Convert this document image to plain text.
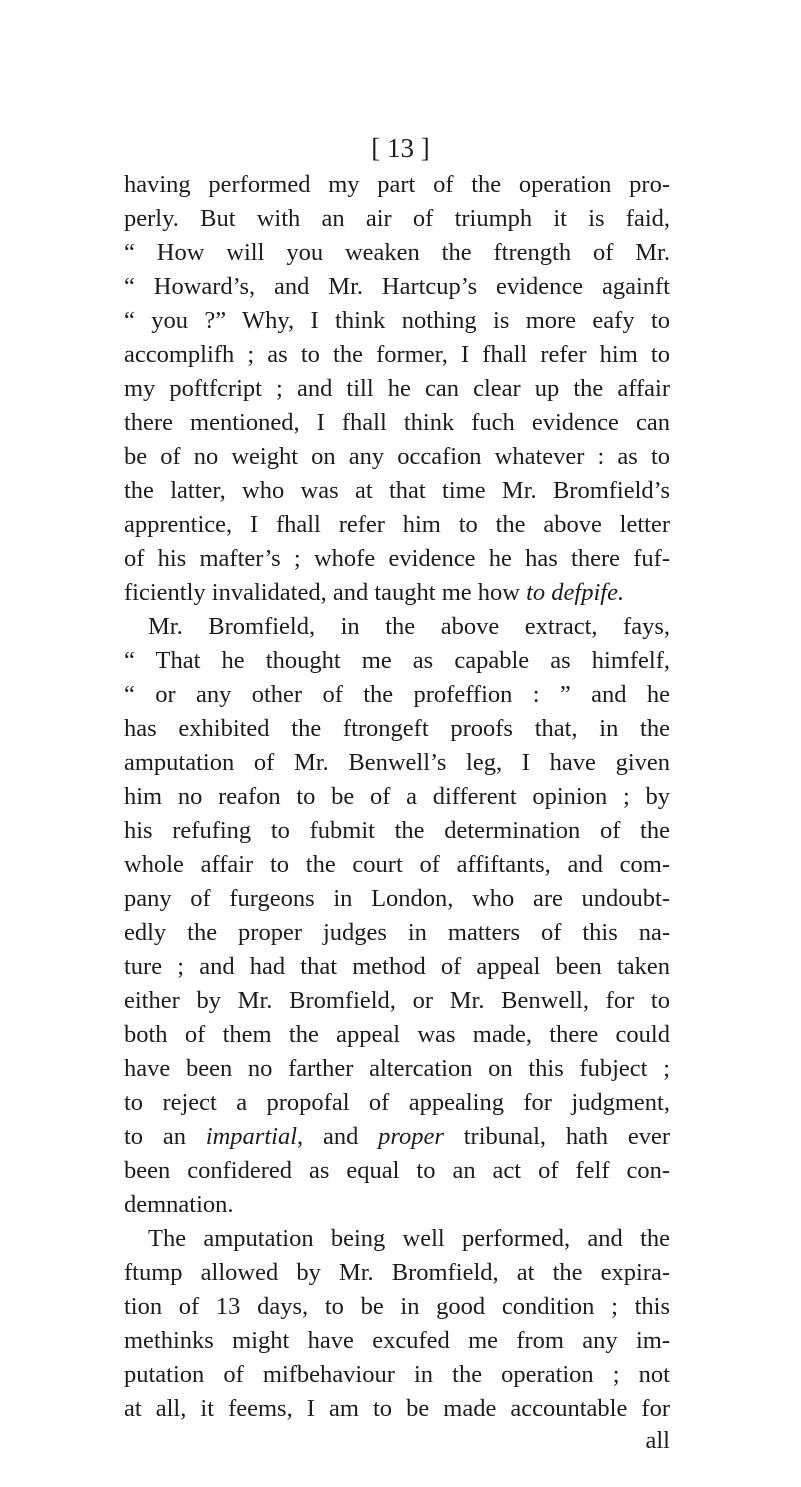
[ 13 ]
having performed my part of the operation pro-
perly. But with an air of triumph it is faid,
“ How will you weaken the ftrength of Mr.
“ Howard’s, and Mr. Hartcup’s evidence againft
“ you ?” Why, I think nothing is more eafy to
accomplifh ; as to the former, I fhall refer him to
my poftfcript ; and till he can clear up the affair
there mentioned, I fhall think fuch evidence can
be of no weight on any occafion whatever : as to
the latter, who was at that time Mr. Bromfield’s
apprentice, I fhall refer him to the above letter
of his mafter’s ; whofe evidence he has there fuf-
ficiently invalidated, and taught me how to defpife.
Mr. Bromfield, in the above extract, fays,
“ That he thought me as capable as himfelf,
“ or any other of the profeffion : ” and he
has exhibited the ftrongeft proofs that, in the
amputation of Mr. Benwell’s leg, I have given
him no reafon to be of a different opinion ; by
his refufing to fubmit the determination of the
whole affair to the court of affiftants, and com-
pany of furgeons in London, who are undoubt-
edly the proper judges in matters of this na-
ture ; and had that method of appeal been taken
either by Mr. Bromfield, or Mr. Benwell, for to
both of them the appeal was made, there could
have been no farther altercation on this fubject ;
to reject a propofal of appealing for judgment,
to an impartial, and proper tribunal, hath ever
been confidered as equal to an act of felf con-
demnation.
The amputation being well performed, and the
ftump allowed by Mr. Bromfield, at the expira-
tion of 13 days, to be in good condition ; this
methinks might have excufed me from any im-
putation of mifbehaviour in the operation ; not
at all, it feems, I am to be made accountable for
all
